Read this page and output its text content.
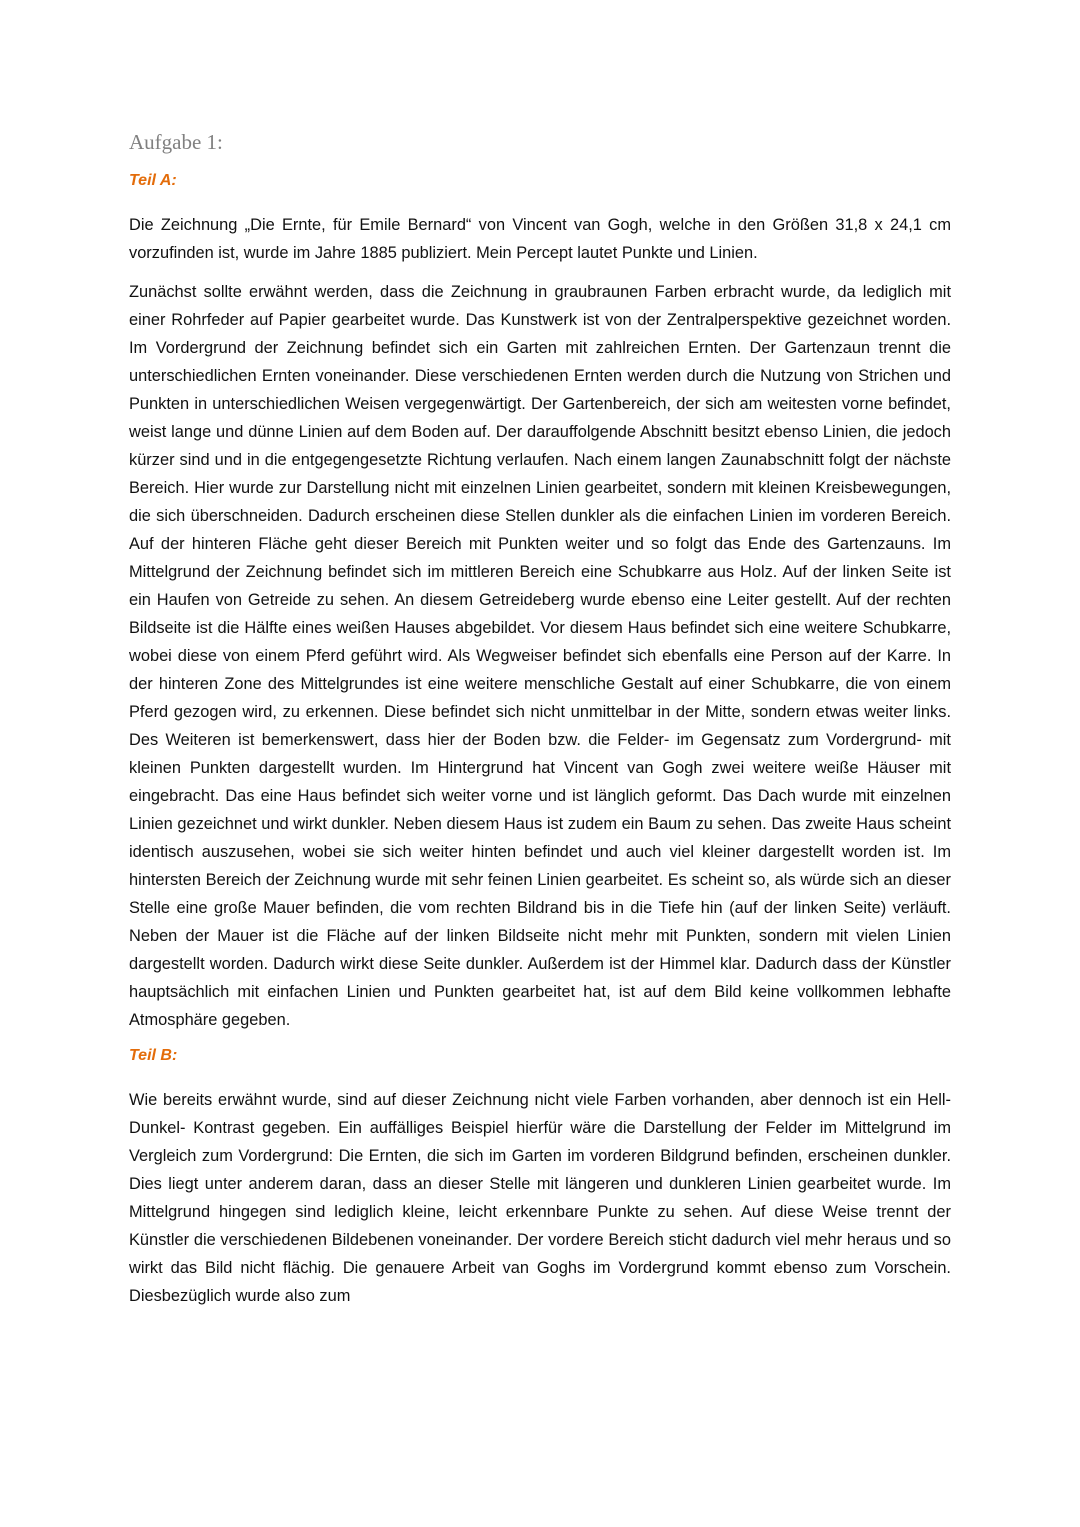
Aufgabe 1:
Teil A:

Die Zeichnung „Die Ernte, für Emile Bernard“ von Vincent van Gogh, welche in den Größen 31,8 x 24,1 cm vorzufinden ist, wurde im Jahre 1885 publiziert. Mein Percept lautet Punkte und Linien.

Zunächst sollte erwähnt werden, dass die Zeichnung in graubraunen Farben erbracht wurde, da lediglich mit einer Rohrfeder auf Papier gearbeitet wurde. Das Kunstwerk ist von der Zentralperspektive gezeichnet worden. Im Vordergrund der Zeichnung befindet sich ein Garten mit zahlreichen Ernten. Der Gartenzaun trennt die unterschiedlichen Ernten voneinander. Diese verschiedenen Ernten werden durch die Nutzung von Strichen und Punkten in unterschiedlichen Weisen vergegenwärtigt. Der Gartenbereich, der sich am weitesten vorne befindet, weist lange und dünne Linien auf dem Boden auf. Der darauffolgende Abschnitt besitzt ebenso Linien, die jedoch kürzer sind und in die entgegengesetzte Richtung verlaufen. Nach einem langen Zaunabschnitt folgt der nächste Bereich. Hier wurde zur Darstellung nicht mit einzelnen Linien gearbeitet, sondern mit kleinen Kreisbewegungen, die sich überschneiden. Dadurch erscheinen diese Stellen dunkler als die einfachen Linien im vorderen Bereich. Auf der hinteren Fläche geht dieser Bereich mit Punkten weiter und so folgt das Ende des Gartenzauns. Im Mittelgrund der Zeichnung befindet sich im mittleren Bereich eine Schubkarre aus Holz. Auf der linken Seite ist ein Haufen von Getreide zu sehen. An diesem Getreideberg wurde ebenso eine Leiter gestellt. Auf der rechten Bildseite ist die Hälfte eines weißen Hauses abgebildet. Vor diesem Haus befindet sich eine weitere Schubkarre, wobei diese von einem Pferd geführt wird. Als Wegweiser befindet sich ebenfalls eine Person auf der Karre. In der hinteren Zone des Mittelgrundes ist eine weitere menschliche Gestalt auf einer Schubkarre, die von einem Pferd gezogen wird, zu erkennen. Diese befindet sich nicht unmittelbar in der Mitte, sondern etwas weiter links. Des Weiteren ist bemerkenswert, dass hier der Boden bzw. die Felder- im Gegensatz zum Vordergrund- mit kleinen Punkten dargestellt wurden. Im Hintergrund hat Vincent van Gogh zwei weitere weiße Häuser mit eingebracht. Das eine Haus befindet sich weiter vorne und ist länglich geformt. Das Dach wurde mit einzelnen Linien gezeichnet und wirkt dunkler. Neben diesem Haus ist zudem ein Baum zu sehen. Das zweite Haus scheint identisch auszusehen, wobei sie sich weiter hinten befindet und auch viel kleiner dargestellt worden ist. Im hintersten Bereich der Zeichnung wurde mit sehr feinen Linien gearbeitet. Es scheint so, als würde sich an dieser Stelle eine große Mauer befinden, die vom rechten Bildrand bis in die Tiefe hin (auf der linken Seite) verläuft. Neben der Mauer ist die Fläche auf der linken Bildseite nicht mehr mit Punkten, sondern mit vielen Linien dargestellt worden. Dadurch wirkt diese Seite dunkler. Außerdem ist der Himmel klar. Dadurch dass der Künstler hauptsächlich mit einfachen Linien und Punkten gearbeitet hat, ist auf dem Bild keine vollkommen lebhafte Atmosphäre gegeben.

Teil B:

Wie bereits erwähnt wurde, sind auf dieser Zeichnung nicht viele Farben vorhanden, aber dennoch ist ein Hell- Dunkel- Kontrast gegeben. Ein auffälliges Beispiel hierfür wäre die Darstellung der Felder im Mittelgrund im Vergleich zum Vordergrund: Die Ernten, die sich im Garten im vorderen Bildgrund befinden, erscheinen dunkler. Dies liegt unter anderem daran, dass an dieser Stelle mit längeren und dunkleren Linien gearbeitet wurde. Im Mittelgrund hingegen sind lediglich kleine, leicht erkennbare Punkte zu sehen. Auf diese Weise trennt der Künstler die verschiedenen Bildebenen voneinander. Der vordere Bereich sticht dadurch viel mehr heraus und so wirkt das Bild nicht flächig. Die genauere Arbeit van Goghs im Vordergrund kommt ebenso zum Vorschein. Diesbezüglich wurde also zum
